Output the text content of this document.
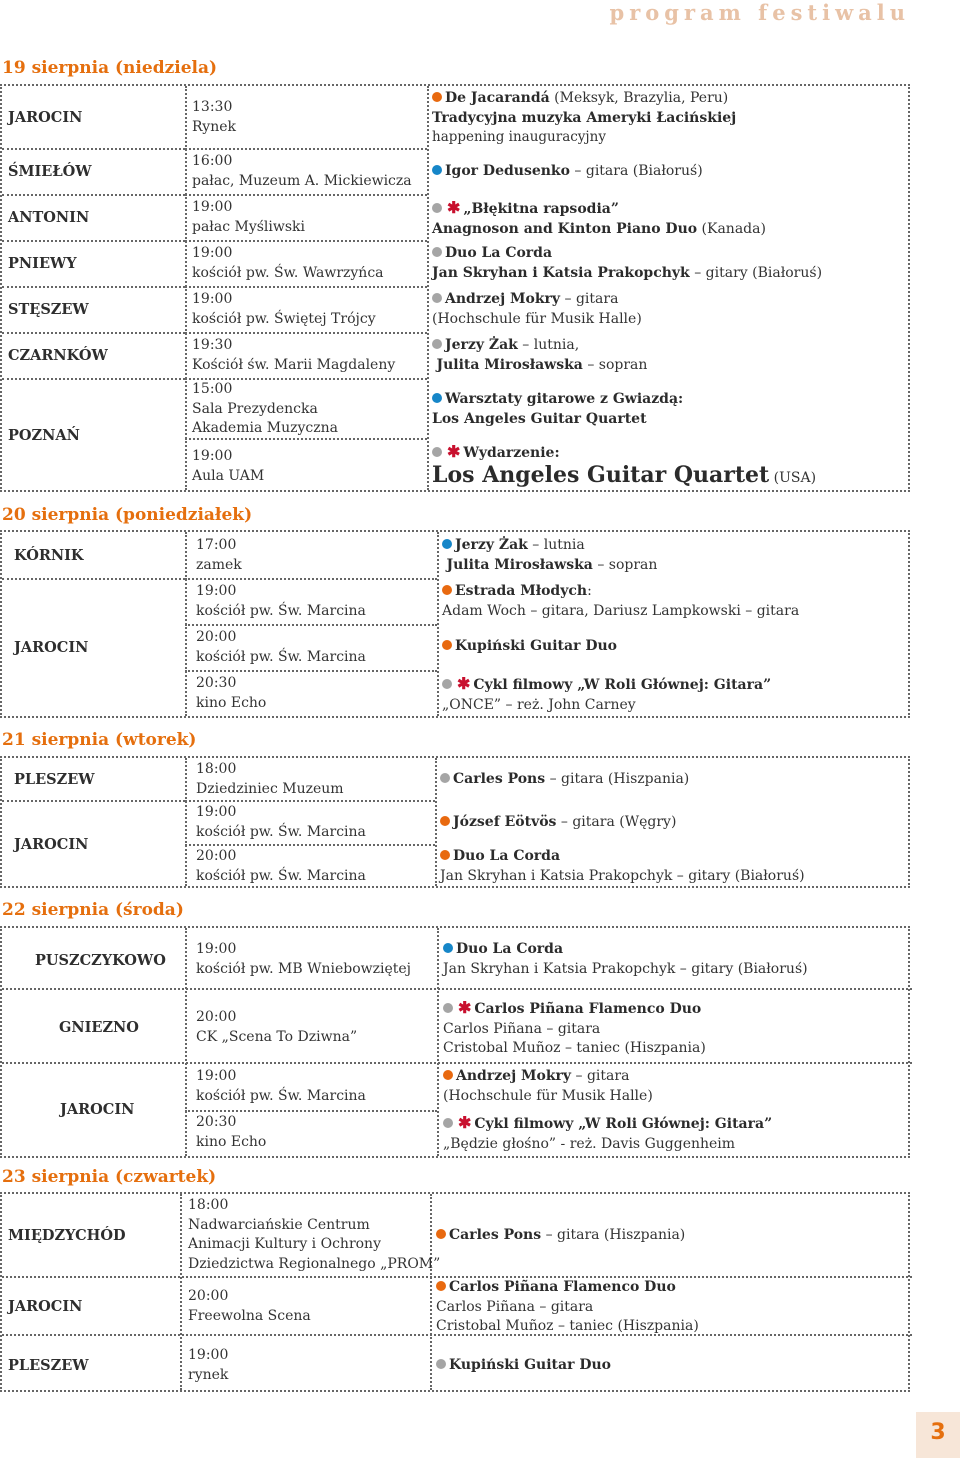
program festiwalu
19 sierpnia (niedziela)
JAROCIN
ŚMIEŁÓW
ANTONIN
PNIEWY
STĘSZEW
CZARNKÓW
POZNAŃ
13:30
Rynek
16:00
pałac, Muzeum A. Mickiewicza
19:00
pałac Myśliwski
19:00
kościół pw. Św. Wawrzyńca
19:00
kościół pw. Świętej Trójcy
19:30
Kościół św. Marii Magdaleny
15:00
Sala Prezydencka
Akademia Muzyczna
19:00
Aula UAM
De Jacarandá (Meksyk, Brazylia, Peru)
Tradycyjna muzyka Ameryki Łacińskiej
happening inauguracyjny
Igor Dedusenko – gitara (Białoruś)
✱ „Błękitna rapsodia”
Anagnoson and Kinton Piano Duo (Kanada)
Duo La Corda
Jan Skryhan i Katsia Prakopchyk – gitary (Białoruś)
Andrzej Mokry – gitara
(Hochschule für Musik Halle)
Jerzy Żak – lutnia,
Julita Mirosławska – sopran
Warsztaty gitarowe z Gwiazdą:
Los Angeles Guitar Quartet
✱ Wydarzenie:
Los Angeles Guitar Quartet (USA)
20 sierpnia (poniedziałek)
KÓRNIK
JAROCIN
17:00
zamek
19:00
kościół pw. Św. Marcina
20:00
kościół pw. Św. Marcina
20:30
kino Echo
Jerzy Żak – lutnia
Julita Mirosławska – sopran
Estrada Młodych:
Adam Woch – gitara, Dariusz Lampkowski – gitara
Kupiński Guitar Duo
✱ Cykl filmowy „W Roli Głównej: Gitara”
„ONCE” – reż. John Carney
21 sierpnia (wtorek)
PLESZEW
JAROCIN
18:00
Dziedziniec Muzeum
19:00
kościół pw. Św. Marcina
20:00
kościół pw. Św. Marcina
Carles Pons – gitara (Hiszpania)
József Eötvös – gitara (Węgry)
Duo La Corda
Jan Skryhan i Katsia Prakopchyk – gitary (Białoruś)
22 sierpnia (środa)
PUSZCZYKOWO
GNIEZNO
JAROCIN
19:00
kościół pw. MB Wniebowziętej
20:00
CK „Scena To Dziwna”
19:00
kościół pw. Św. Marcina
20:30
kino Echo
Duo La Corda
Jan Skryhan i Katsia Prakopchyk – gitary (Białoruś)
✱ Carlos Piñana Flamenco Duo
Carlos Piñana – gitara
Cristobal Muñoz – taniec (Hiszpania)
Andrzej Mokry – gitara
(Hochschule für Musik Halle)
✱ Cykl filmowy „W Roli Głównej: Gitara”
„Będzie głośno” - reż. Davis Guggenheim
23 sierpnia (czwartek)
MIĘDZYCHÓD
JAROCIN
PLESZEW
18:00
Nadwarciańskie Centrum
Animacji Kultury i Ochrony
Dziedzictwa Regionalnego „PROM”
20:00
Freewolna Scena
19:00
rynek
Carles Pons – gitara (Hiszpania)
Carlos Piñana Flamenco Duo
Carlos Piñana – gitara
Cristobal Muñoz – taniec (Hiszpania)
Kupiński Guitar Duo
3
